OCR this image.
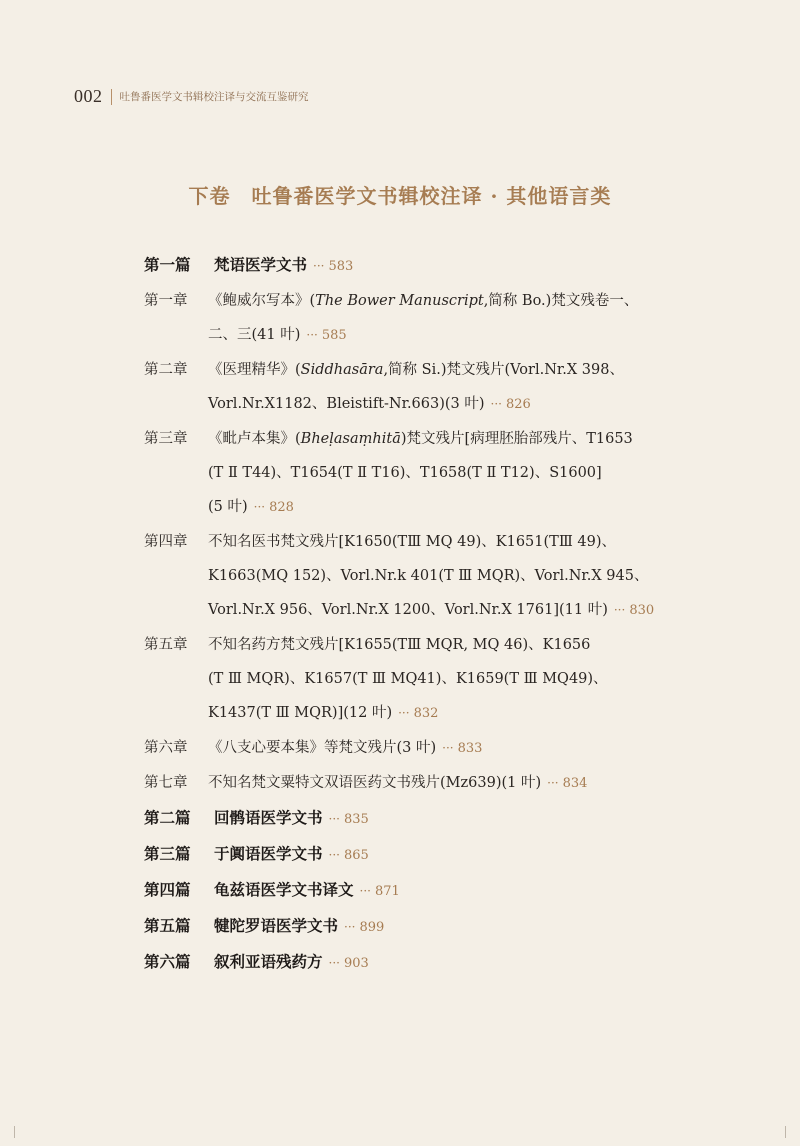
002 吐鲁番医学文书辑校注译与交流互鉴研究
下卷　吐鲁番医学文书辑校注译 · 其他语言类
第一篇 梵语医学文书 ··· 583
第一章 《鲍威尔写本》(The Bower Manuscript,简称 Bo.)梵文残卷一、
二、三(41 叶) ··· 585
第二章 《医理精华》(Siddhasāra,简称 Si.)梵文残片(Vorl.Nr.X 398、
Vorl.Nr.X1182、Bleistift-Nr.663)(3 叶) ··· 826
第三章 《毗卢本集》(Bheḷasaṃhitā)梵文残片[病理胚胎部残片、T1653
(T Ⅱ T44)、T1654(T Ⅱ T16)、T1658(T Ⅱ T12)、S1600]
(5 叶) ··· 828
第四章 不知名医书梵文残片[K1650(TⅢ MQ 49)、K1651(TⅢ 49)、
K1663(MQ 152)、Vorl.Nr.k 401(T Ⅲ MQR)、Vorl.Nr.X 945、
Vorl.Nr.X 956、Vorl.Nr.X 1200、Vorl.Nr.X 1761](11 叶) ··· 830
第五章 不知名药方梵文残片[K1655(TⅢ MQR, MQ 46)、K1656
(T Ⅲ MQR)、K1657(T Ⅲ MQ41)、K1659(T Ⅲ MQ49)、
K1437(T Ⅲ MQR)](12 叶) ··· 832
第六章 《八支心要本集》等梵文残片(3 叶) ··· 833
第七章 不知名梵文粟特文双语医药文书残片(Mz639)(1 叶) ··· 834
第二篇 回鹘语医学文书 ··· 835
第三篇 于阗语医学文书 ··· 865
第四篇 龟兹语医学文书译文 ··· 871
第五篇 犍陀罗语医学文书 ··· 899
第六篇 叙利亚语残药方 ··· 903
